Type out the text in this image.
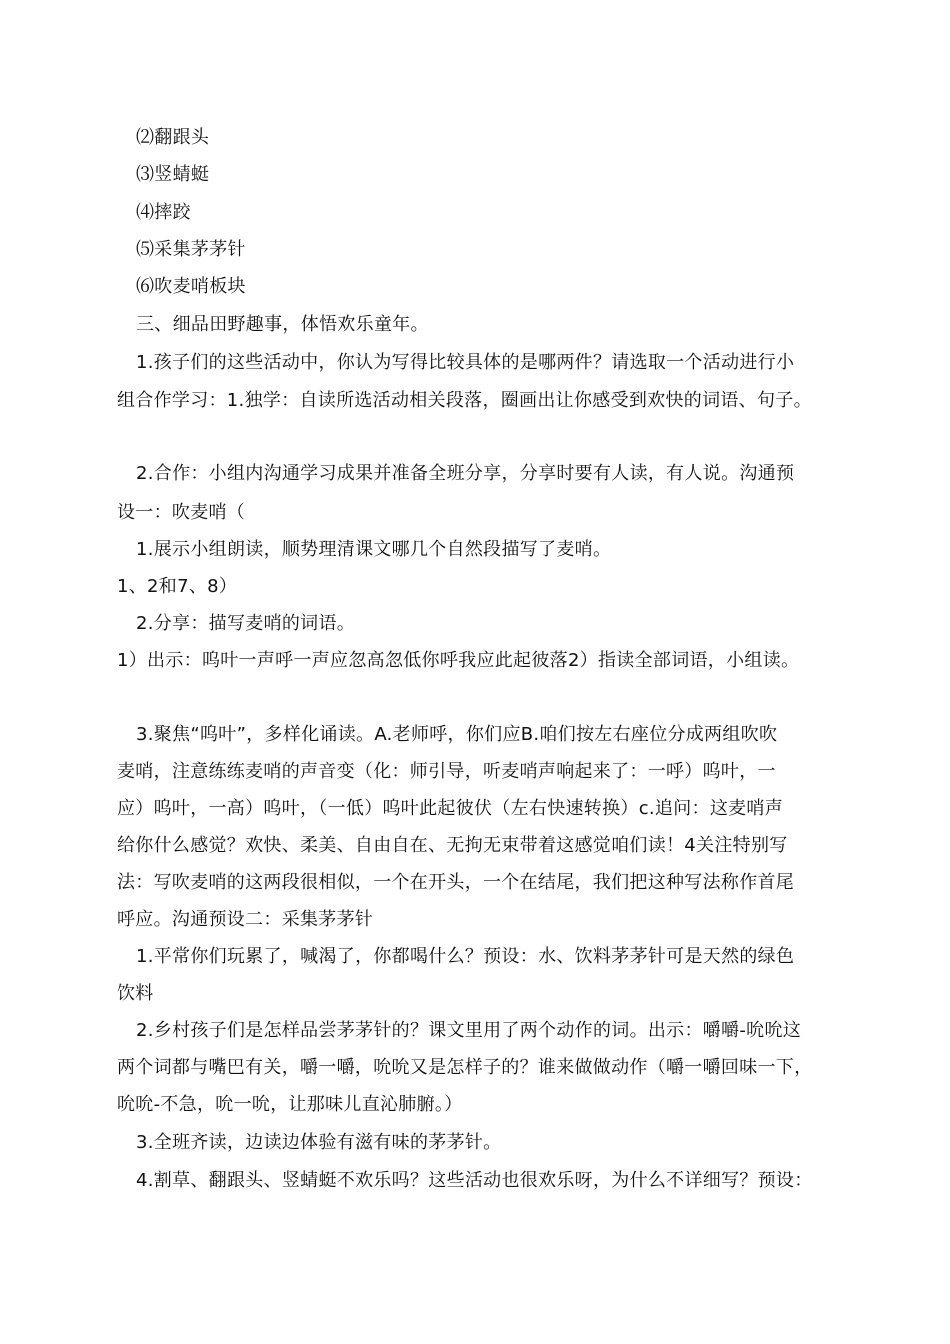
⑵翻跟头
⑶竖蜻蜓
⑷摔跤
⑸采集茅茅针
⑹吹麦哨板块
三、细品田野趣事，体悟欢乐童年。
1.孩子们的这些活动中，你认为写得比较具体的是哪两件？请选取一个活动进行小
组合作学习：1.独学：自读所选活动相关段落，圈画出让你感受到欢快的词语、句子。
2.合作：小组内沟通学习成果并准备全班分享，分享时要有人读，有人说。沟通预
设一：吹麦哨（
1.展示小组朗读，顺势理清课文哪几个自然段描写了麦哨。
1、2和7、8）
2.分享：描写麦哨的词语。
1）出示：呜叶一声呼一声应忽高忽低你呼我应此起彼落2）指读全部词语，小组读。
3.聚焦“呜叶”，多样化诵读。A.老师呼，你们应B.咱们按左右座位分成两组吹吹
麦哨，注意练练麦哨的声音变（化：师引导，听麦哨声响起来了：一呼）呜叶，一
应）呜叶，一高）呜叶，（一低）呜叶此起彼伏（左右快速转换）c.追问：这麦哨声
给你什么感觉？欢快、柔美、自由自在、无拘无束带着这感觉咱们读！4关注特别写
法：写吹麦哨的这两段很相似，一个在开头，一个在结尾，我们把这种写法称作首尾
呼应。沟通预设二：采集茅茅针
1.平常你们玩累了，喊渴了，你都喝什么？预设：水、饮料茅茅针可是天然的绿色
饮料
2.乡村孩子们是怎样品尝茅茅针的？课文里用了两个动作的词。出示：嚼嚼-吮吮这
两个词都与嘴巴有关，嚼一嚼，吮吮又是怎样子的？谁来做做动作（嚼一嚼回味一下，
吮吮-不急，吮一吮，让那味儿直沁肺腑。）
3.全班齐读，边读边体验有滋有味的茅茅针。
4.割草、翻跟头、竖蜻蜓不欢乐吗？这些活动也很欢乐呀，为什么不详细写？预设：
